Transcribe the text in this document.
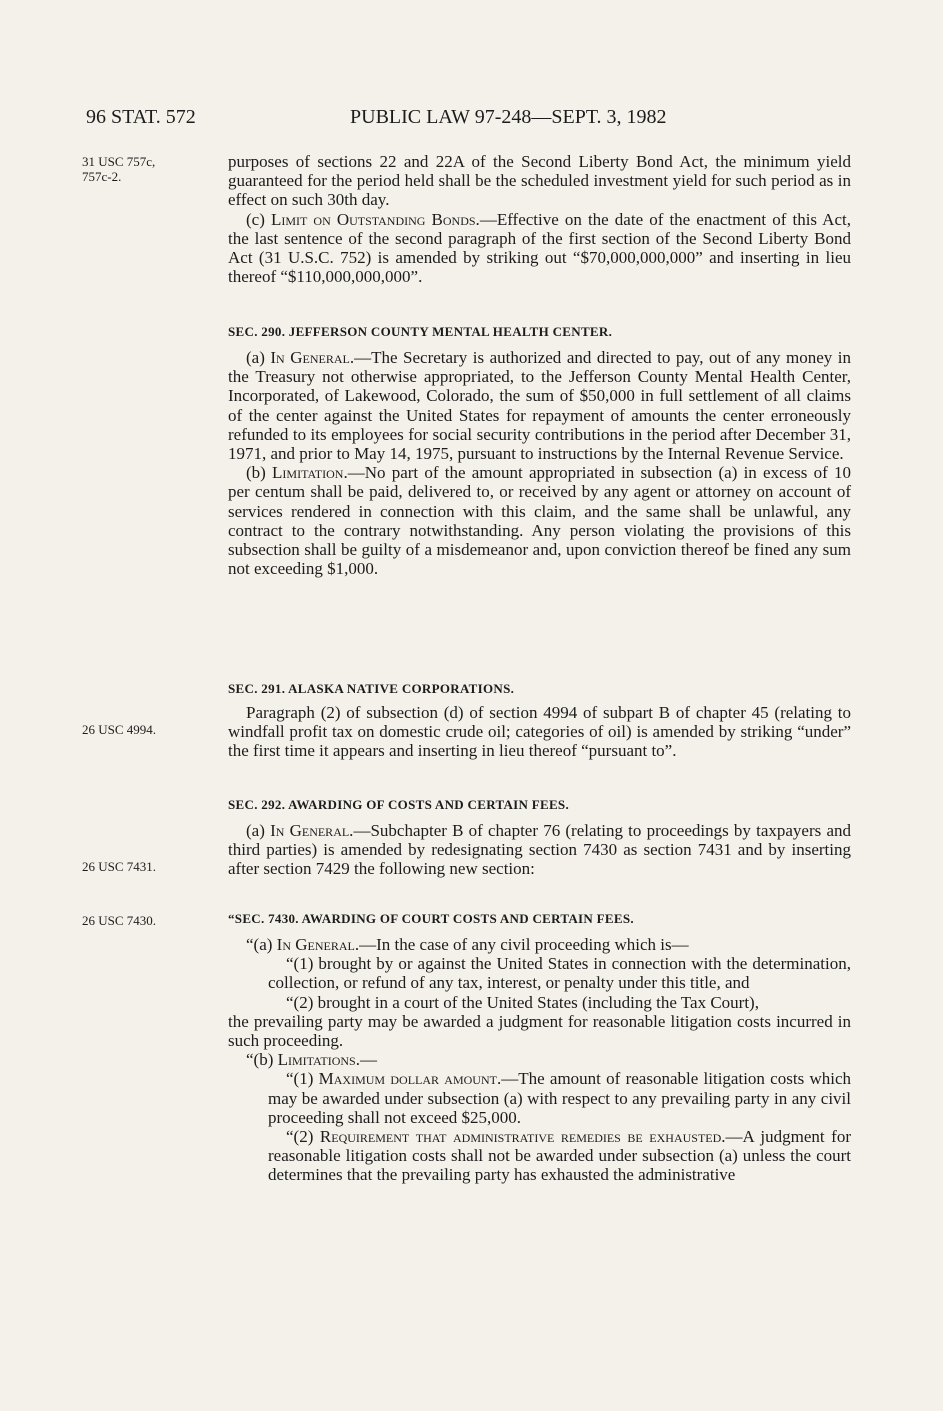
96 STAT. 572	PUBLIC LAW 97-248—SEPT. 3, 1982
31 USC 757c,
757c-2.
26 USC 4994.
26 USC 7431.
26 USC 7430.

purposes of sections 22 and 22A of the Second Liberty Bond Act, the minimum yield guaranteed for the period held shall be the scheduled investment yield for such period as in effect on such 30th day.

(c) Limit on Outstanding Bonds.—Effective on the date of the enactment of this Act, the last sentence of the second paragraph of the first section of the Second Liberty Bond Act (31 U.S.C. 752) is amended by striking out “$70,000,000,000” and inserting in lieu thereof “$110,000,000,000”.

SEC. 290. JEFFERSON COUNTY MENTAL HEALTH CENTER.

(a) In General.—The Secretary is authorized and directed to pay, out of any money in the Treasury not otherwise appropriated, to the Jefferson County Mental Health Center, Incorporated, of Lakewood, Colorado, the sum of $50,000 in full settlement of all claims of the center against the United States for repayment of amounts the center erroneously refunded to its employees for social security contributions in the period after December 31, 1971, and prior to May 14, 1975, pursuant to instructions by the Internal Revenue Service.

(b) Limitation.—No part of the amount appropriated in subsection (a) in excess of 10 per centum shall be paid, delivered to, or received by any agent or attorney on account of services rendered in connection with this claim, and the same shall be unlawful, any contract to the contrary notwithstanding. Any person violating the provisions of this subsection shall be guilty of a misdemeanor and, upon conviction thereof be fined any sum not exceeding $1,000.

SEC. 291. ALASKA NATIVE CORPORATIONS.

Paragraph (2) of subsection (d) of section 4994 of subpart B of chapter 45 (relating to windfall profit tax on domestic crude oil; categories of oil) is amended by striking “under” the first time it appears and inserting in lieu thereof “pursuant to”.

SEC. 292. AWARDING OF COSTS AND CERTAIN FEES.

(a) In General.—Subchapter B of chapter 76 (relating to proceedings by taxpayers and third parties) is amended by redesignating section 7430 as section 7431 and by inserting after section 7429 the following new section:

“SEC. 7430. AWARDING OF COURT COSTS AND CERTAIN FEES.

“(a) In General.—In the case of any civil proceeding which is—

“(1) brought by or against the United States in connection with the determination, collection, or refund of any tax, interest, or penalty under this title, and

“(2) brought in a court of the United States (including the Tax Court),

the prevailing party may be awarded a judgment for reasonable litigation costs incurred in such proceeding.

“(b) Limitations.—

“(1) Maximum dollar amount.—The amount of reasonable litigation costs which may be awarded under subsection (a) with respect to any prevailing party in any civil proceeding shall not exceed $25,000.

“(2) Requirement that administrative remedies be exhausted.—A judgment for reasonable litigation costs shall not be awarded under subsection (a) unless the court determines that the prevailing party has exhausted the administrative
